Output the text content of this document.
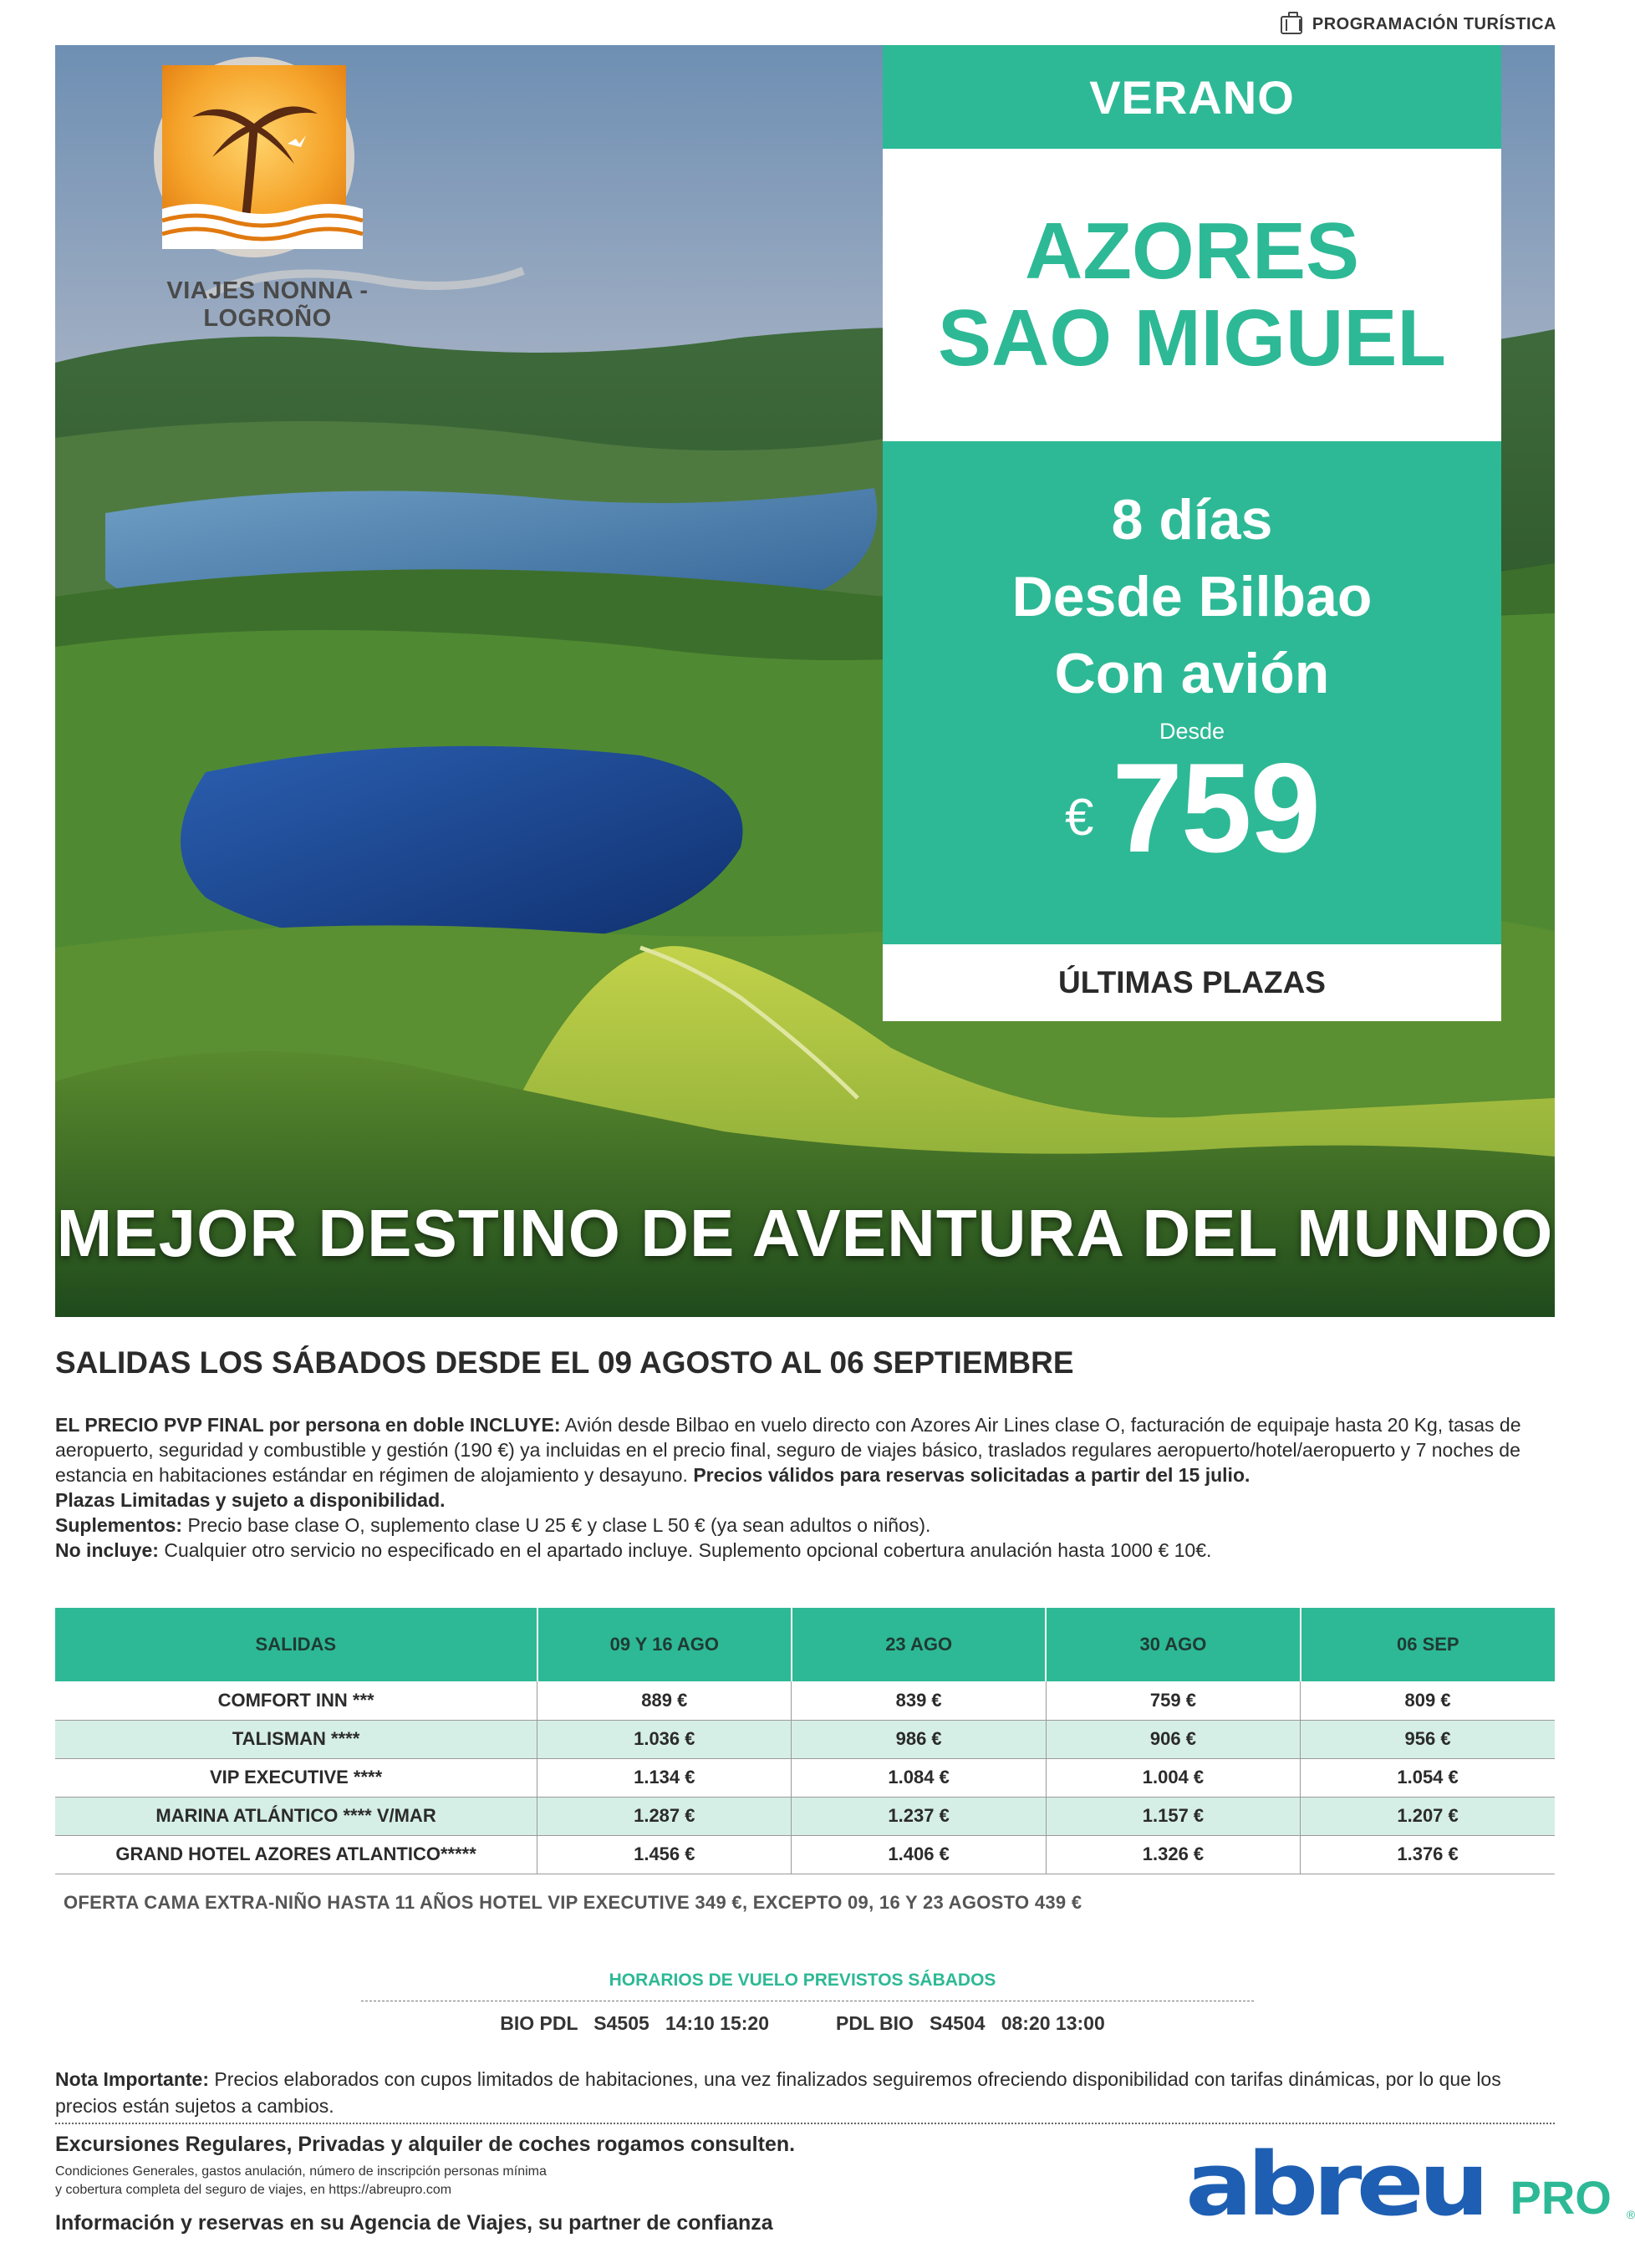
PROGRAMACIÓN TURÍSTICA
VIAJES NONNA - LOGROÑO
VERANO
AZORES
SAO MIGUEL
8 días
Desde Bilbao
Con avión
Desde
€ 759
ÚLTIMAS PLAZAS
MEJOR DESTINO DE AVENTURA DEL MUNDO
SALIDAS LOS SÁBADOS DESDE EL 09 AGOSTO AL 06 SEPTIEMBRE

EL PRECIO PVP FINAL por persona en doble INCLUYE: Avión desde Bilbao en vuelo directo con Azores Air Lines clase O, facturación de equipaje hasta 20 Kg, tasas de aeropuerto, seguridad y combustible y gestión (190 €) ya incluidas en el precio final, seguro de viajes básico, traslados regulares aeropuerto/hotel/aeropuerto y 7 noches de estancia en habitaciones estándar en régimen de alojamiento y desayuno. Precios válidos para reservas solicitadas a partir del 15 julio.

Plazas Limitadas y sujeto a disponibilidad.

Suplementos: Precio base clase O, suplemento clase U 25 € y clase L 50 € (ya sean adultos o niños).

No incluye: Cualquier otro servicio no especificado en el apartado incluye. Suplemento opcional cobertura anulación hasta 1000 € 10€.

SALIDAS	09 Y 16 AGO	23 AGO	30 AGO	06 SEP
COMFORT INN ***	889 €	839 €	759 €	809 €
TALISMAN ****	1.036 €	986 €	906 €	956 €
VIP EXECUTIVE ****	1.134 €	1.084 €	1.004 €	1.054 €
MARINA ATLÁNTICO **** V/MAR	1.287 €	1.237 €	1.157 €	1.207 €
GRAND HOTEL AZORES ATLANTICO*****	1.456 €	1.406 €	1.326 €	1.376 €
OFERTA CAMA EXTRA-NIÑO HASTA 11 AÑOS HOTEL VIP EXECUTIVE 349 €, EXCEPTO 09, 16 Y 23 AGOSTO 439 €
HORARIOS DE VUELO PREVISTOS SÁBADOS
BIO PDL   S4505   14:10 15:20	PDL BIO   S4504   08:20 13:00
Nota Importante: Precios elaborados con cupos limitados de habitaciones, una vez finalizados seguiremos ofreciendo disponibilidad con tarifas dinámicas, por lo que los precios están sujetos a cambios.
Excursiones Regulares, Privadas y alquiler de coches rogamos consulten.
Condiciones Generales, gastos anulación, número de inscripción personas mínima
y cobertura completa del seguro de viajes, en https://abreupro.com
Información y reservas en su Agencia de Viajes, su partner de confianza	abreu PRO ®
